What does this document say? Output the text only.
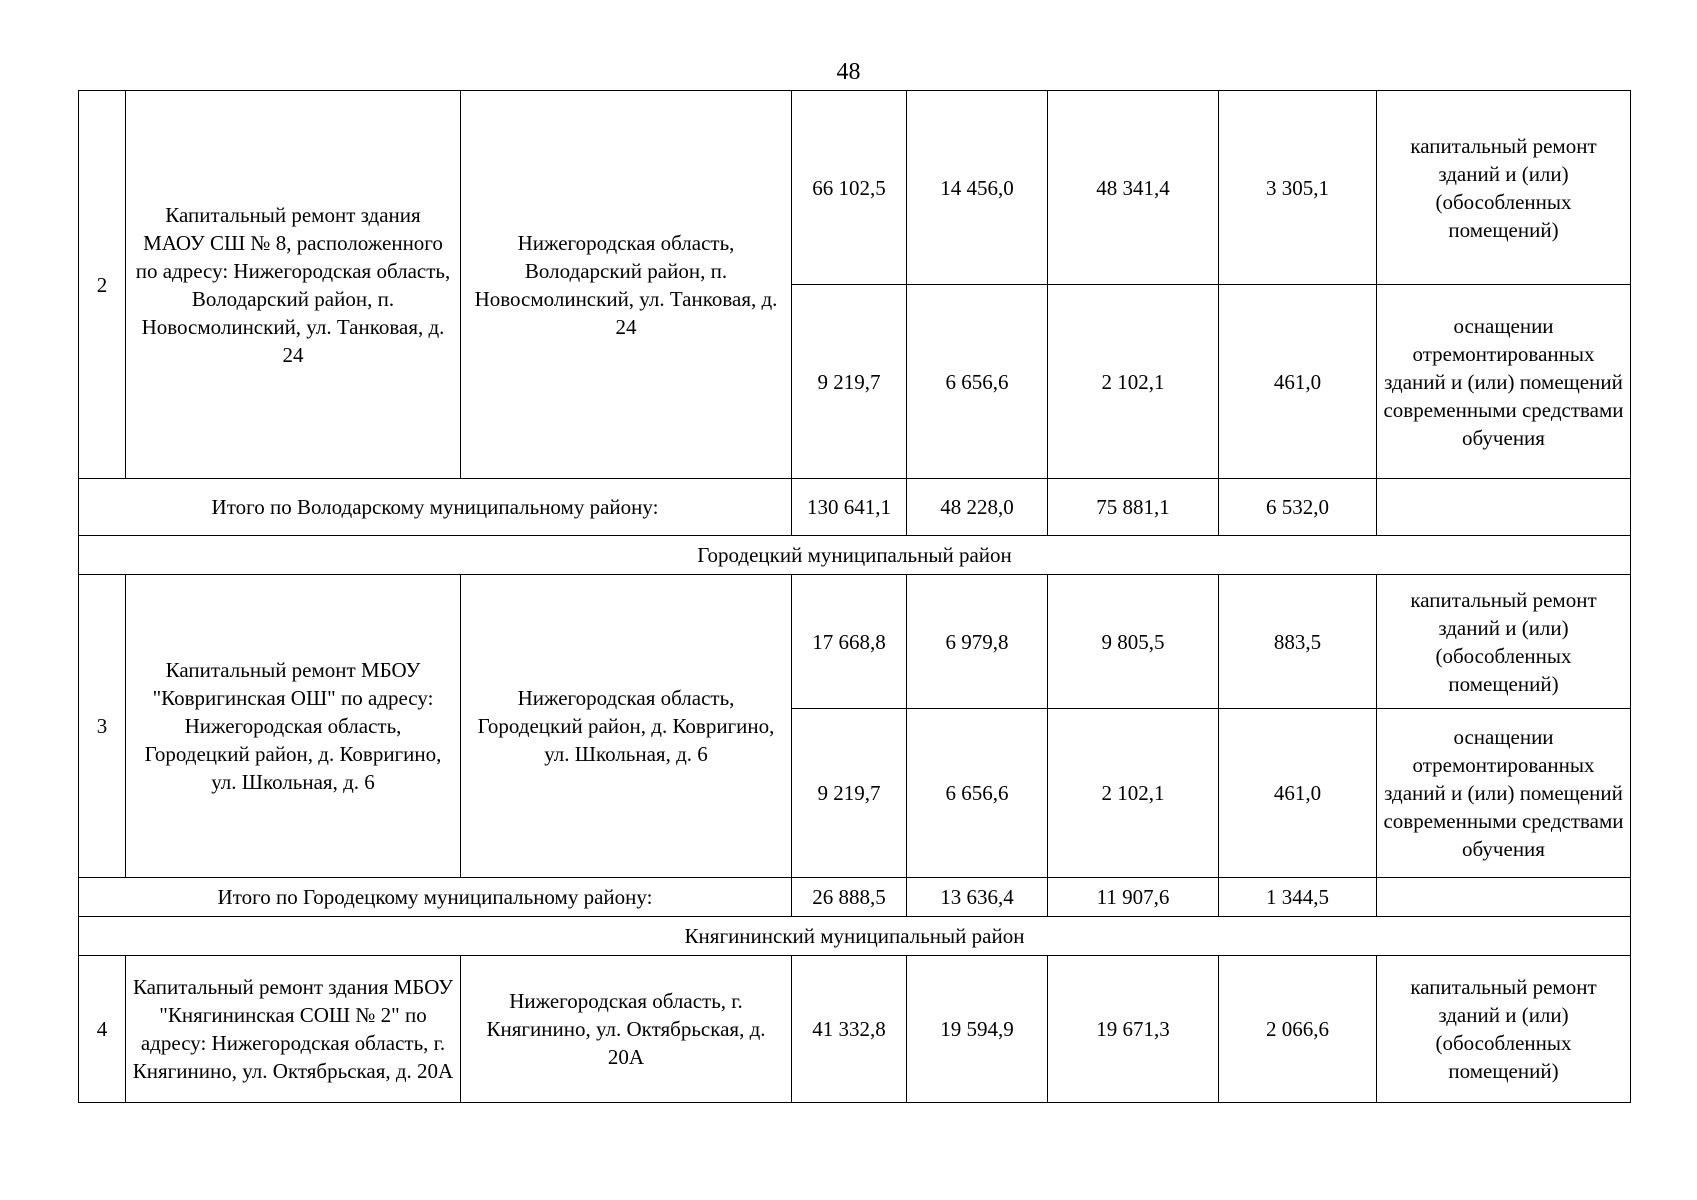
48
2	Капитальный ремонт здания МАОУ СШ № 8, расположенного по адресу: Нижегородская область, Володарский район, п. Новосмолинский, ул. Танковая, д. 24	Нижегородская область, Володарский район, п. Новосмолинский, ул. Танковая, д. 24	66 102,5	14 456,0	48 341,4	3 305,1	капитальный ремонт зданий и (или) (обособленных помещений)
			9 219,7	6 656,6	2 102,1	461,0	оснащении отремонтированных зданий и (или) помещений современными средствами обучения
Итого по Володарскому муниципальному району:			130 641,1	48 228,0	75 881,1	6 532,0	
Городецкий муниципальный район							
3	Капитальный ремонт МБОУ "Ковригинская ОШ" по адресу: Нижегородская область, Городецкий район, д. Ковригино, ул. Школьная, д. 6	Нижегородская область, Городецкий район, д. Ковригино, ул. Школьная, д. 6	17 668,8	6 979,8	9 805,5	883,5	капитальный ремонт зданий и (или) (обособленных помещений)
			9 219,7	6 656,6	2 102,1	461,0	оснащении отремонтированных зданий и (или) помещений современными средствами обучения
Итого по Городецкому муниципальному району:			26 888,5	13 636,4	11 907,6	1 344,5	
Княгининский муниципальный район							
4	Капитальный ремонт здания МБОУ "Княгининская СОШ № 2" по адресу: Нижегородская область, г. Княгинино, ул. Октябрьская, д. 20А	Нижегородская область, г. Княгинино, ул. Октябрьская, д. 20А	41 332,8	19 594,9	19 671,3	2 066,6	капитальный ремонт зданий и (или) (обособленных помещений)
